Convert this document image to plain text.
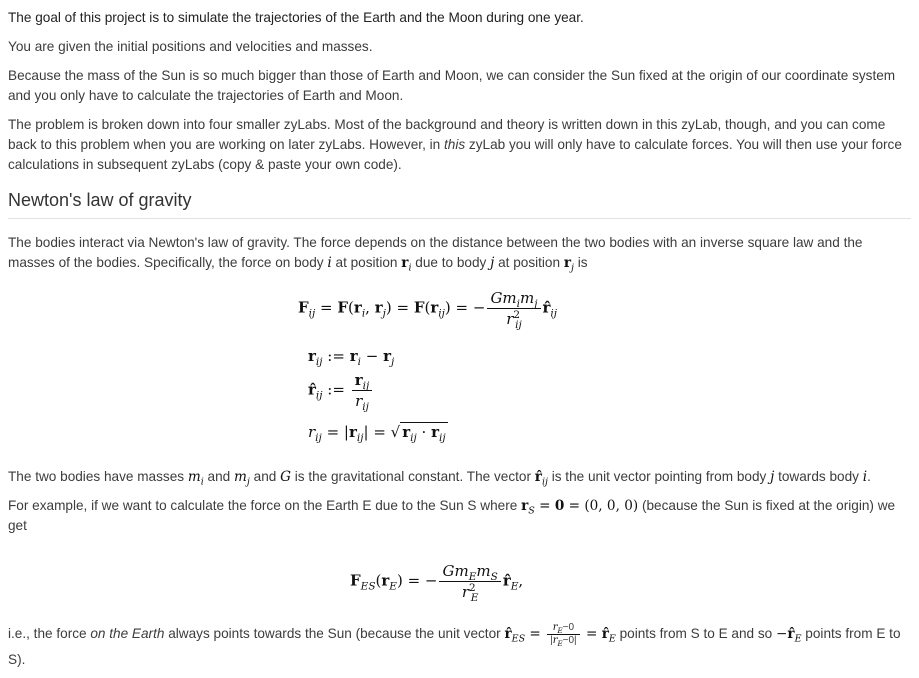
The goal of this project is to simulate the trajectories of the Earth and the Moon during one year.

You are given the initial positions and velocities and masses.

Because the mass of the Sun is so much bigger than those of Earth and Moon, we can consider the Sun fixed at the origin of our coordinate system and you only have to calculate the trajectories of Earth and Moon.

The problem is broken down into four smaller zyLabs. Most of the background and theory is written down in this zyLab, though, and you can come back to this problem when you are working on later zyLabs. However, in this zyLab you will only have to calculate forces. You will then use your force calculations in subsequent zyLabs (copy & paste your own code).

Newton's law of gravity

The bodies interact via Newton's law of gravity. The force depends on the distance between the two bodies with an inverse square law and the masses of the bodies. Specifically, the force on body i at position $r_i$ due to body j at position $r_j$ is

$F_{ij} = F(r_i$, $r_j) = F(r_{ij})$ = − $\frac{Gm_im_j}{r^2_{ij}}$ $r̂_{ij}$
$r_{ij}$ := $r_i - r_j$
$r̂_{ij}$ := $\frac{r_{ij}}{r_{ij}}$
$r_{ij} = |r_{ij}|$ = √ $r_{ij} \cdot r_{ij}$

The two bodies have masses $m_i$ and $m_j$ and G is the gravitational constant. The vector $r̂_{ij}$ is the unit vector pointing from body j towards body i.

For example, if we want to calculate the force on the Earth E due to the Sun S where $r_S = 0 = (0$, 0, 0) (because the Sun is fixed at the origin) we get

$F_{ES}(r_E)$ = − $\frac{Gm_Em_S}{r^2_E}$ $r̂_E$,

i.e., the force on the Earth always points towards the Sun (because the unit vector $r̂_{ES} = \frac{r_E-0}{|r_E-0|}$ = $r̂_E$ points from S to E and so $-r̂_E$ points from E to S).
